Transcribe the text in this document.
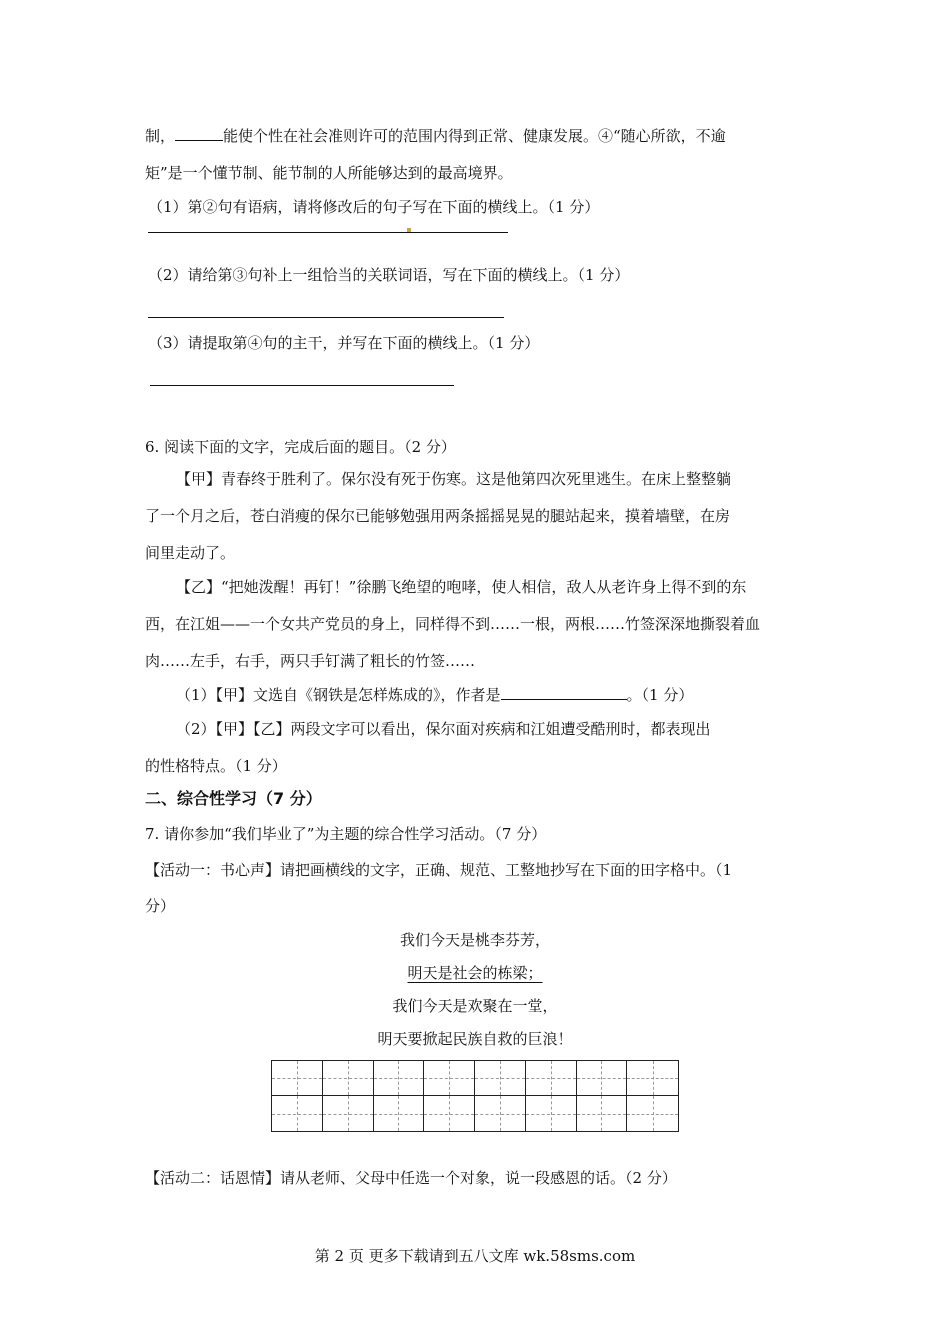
制，	能使个性在社会准则许可的范围内得到正常、健康发展。④“随心所欲，不逾
矩”是一个懂节制、能节制的人所能够达到的最高境界。
（1）第②句有语病，请将修改后的句子写在下面的横线上。（1 分）
（2）请给第③句补上一组恰当的关联词语，写在下面的横线上。（1 分）
（3）请提取第④句的主干，并写在下面的横线上。（1 分）
6. 阅读下面的文字，完成后面的题目。（2 分）
【甲】青春终于胜利了。保尔没有死于伤寒。这是他第四次死里逃生。在床上整整躺
了一个月之后，苍白消瘦的保尔已能够勉强用两条摇摇晃晃的腿站起来，摸着墙壁，在房
间里走动了。
【乙】“把她泼醒！再钉！”徐鹏飞绝望的咆哮，使人相信，敌人从老许身上得不到的东
西，在江姐——一个女共产党员的身上，同样得不到……一根，两根……竹签深深地撕裂着血
肉……左手，右手，两只手钉满了粗长的竹签……
（1）【甲】文选自《钢铁是怎样炼成的》，作者是	。（1 分）
（2）【甲】【乙】两段文字可以看出，保尔面对疾病和江姐遭受酷刑时，都表现出
的性格特点。（1 分）
二、综合性学习（7 分）
7. 请你参加“我们毕业了”为主题的综合性学习活动。（7 分）
【活动一：书心声】请把画横线的文字，正确、规范、工整地抄写在下面的田字格中。（1
分）
我们今天是桃李芬芳，
明天是社会的栋梁；
我们今天是欢聚在一堂，
明天要掀起民族自救的巨浪！
【活动二：话恩情】请从老师、父母中任选一个对象，说一段感恩的话。（2 分）
第 2 页 更多下载请到五八文库 wk.58sms.com
